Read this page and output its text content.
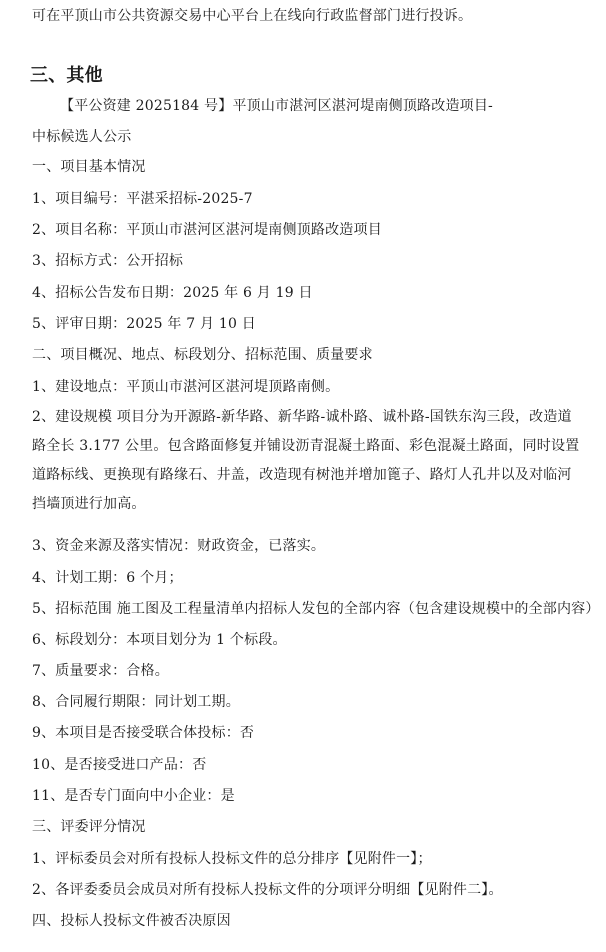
可在平顶山市公共资源交易中心平台上在线向行政监督部门进行投诉。
三、其他
【平公资建 2025184 号】平顶山市湛河区湛河堤南侧顶路改造项目-
中标候选人公示
一、项目基本情况
1、项目编号：平湛采招标-2025-7
2、项目名称：平顶山市湛河区湛河堤南侧顶路改造项目
3、招标方式：公开招标
4、招标公告发布日期：2025 年 6 月 19 日
5、评审日期：2025 年 7 月 10 日
二、项目概况、地点、标段划分、招标范围、质量要求
1、建设地点：平顶山市湛河区湛河堤顶路南侧。
2、建设规模 项目分为开源路-新华路、新华路-诚朴路、诚朴路-国铁东沟三段，改造道路全长 3.177 公里。包含路面修复并铺设沥青混凝土路面、彩色混凝土路面，同时设置道路标线、更换现有路缘石、井盖，改造现有树池并增加篦子、路灯人孔井以及对临河挡墙顶进行加高。
3、资金来源及落实情况：财政资金，已落实。
4、计划工期：6 个月；
5、招标范围 施工图及工程量清单内招标人发包的全部内容（包含建设规模中的全部内容）
6、标段划分：本项目划分为 1 个标段。
7、质量要求：合格。
8、合同履行期限：同计划工期。
9、本项目是否接受联合体投标：否
10、是否接受进口产品：否
11、是否专门面向中小企业：是
三、评委评分情况
1、评标委员会对所有投标人投标文件的总分排序【见附件一】；
2、各评委委员会成员对所有投标人投标文件的分项评分明细【见附件二】。
四、投标人投标文件被否决原因
